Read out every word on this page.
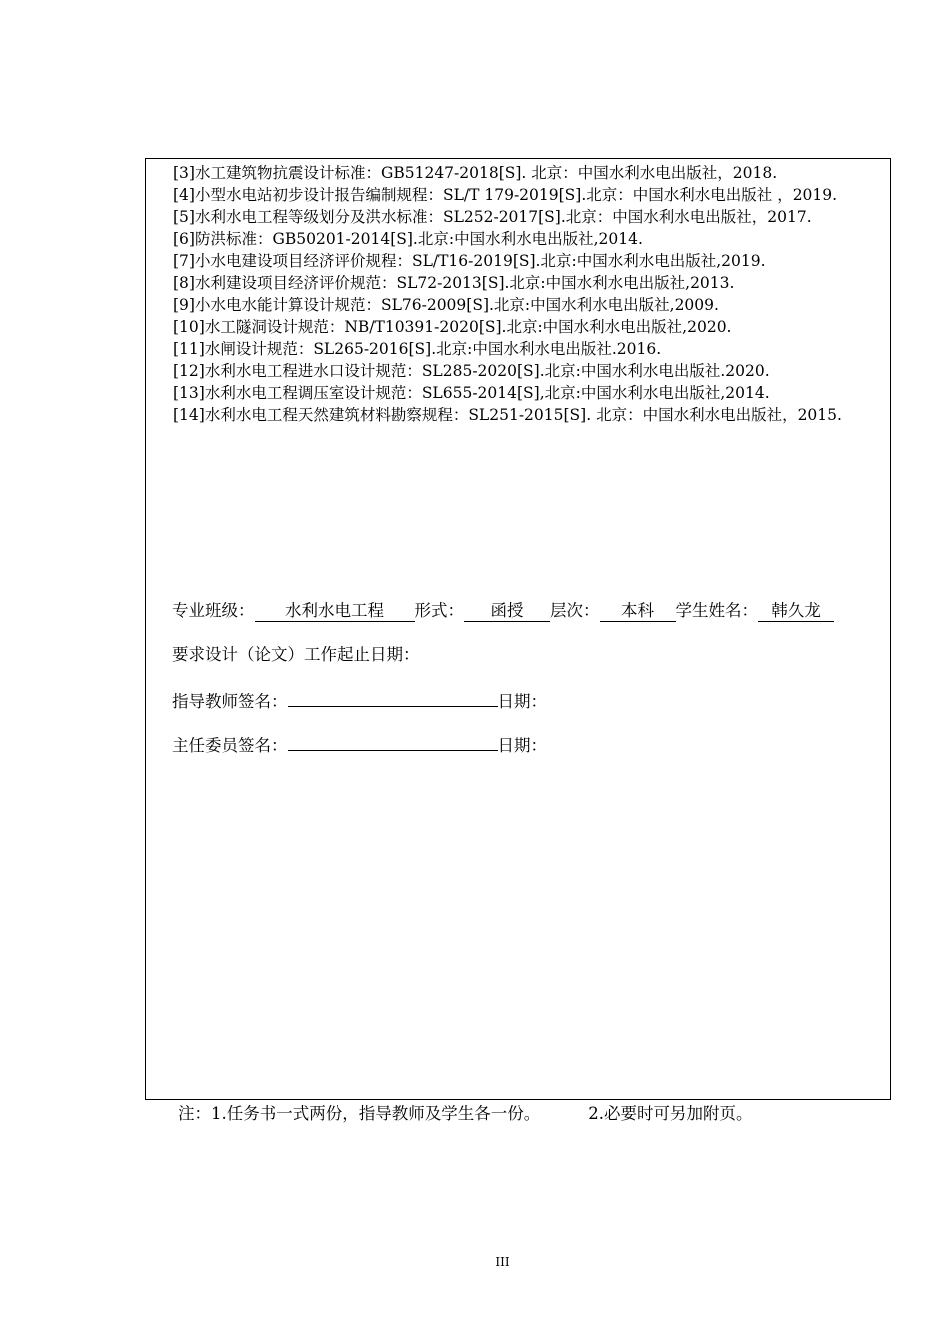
[3]水工建筑物抗震设计标准：GB51247-2018[S]. 北京：中国水利水电出版社，2018.

[4]小型水电站初步设计报告编制规程：SL/T 179-2019[S].北京：中国水利水电出版社 ，2019.

[5]水利水电工程等级划分及洪水标准：SL252-2017[S].北京：中国水利水电出版社，2017.

[6]防洪标准：GB50201-2014[S].北京:中国水利水电出版社,2014.

[7]小水电建设项目经济评价规程：SL/T16-2019[S].北京:中国水利水电出版社,2019.

[8]水利建设项目经济评价规范：SL72-2013[S].北京:中国水利水电出版社,2013.

[9]小水电水能计算设计规范：SL76-2009[S].北京:中国水利水电出版社,2009.

[10]水工隧洞设计规范：NB/T10391-2020[S].北京:中国水利水电出版社,2020.

[11]水闸设计规范：SL265-2016[S].北京:中国水利水电出版社.2016.

[12]水利水电工程进水口设计规范：SL285-2020[S].北京:中国水利水电出版社.2020.

[13]水利水电工程调压室设计规范：SL655-2014[S],北京:中国水利水电出版社,2014.

[14]水利水电工程天然建筑材料勘察规程：SL251-2015[S]. 北京：中国水利水电出版社，2015.

专业班级： 水利水电工程 形式： 函授 层次： 本科 学生姓名： 韩久龙
要求设计（论文）工作起止日期：
指导教师签名：	日期：
主任委员签名：	日期：
注：1.任务书一式两份，指导教师及学生各一份。	2.必要时可另加附页。
III
